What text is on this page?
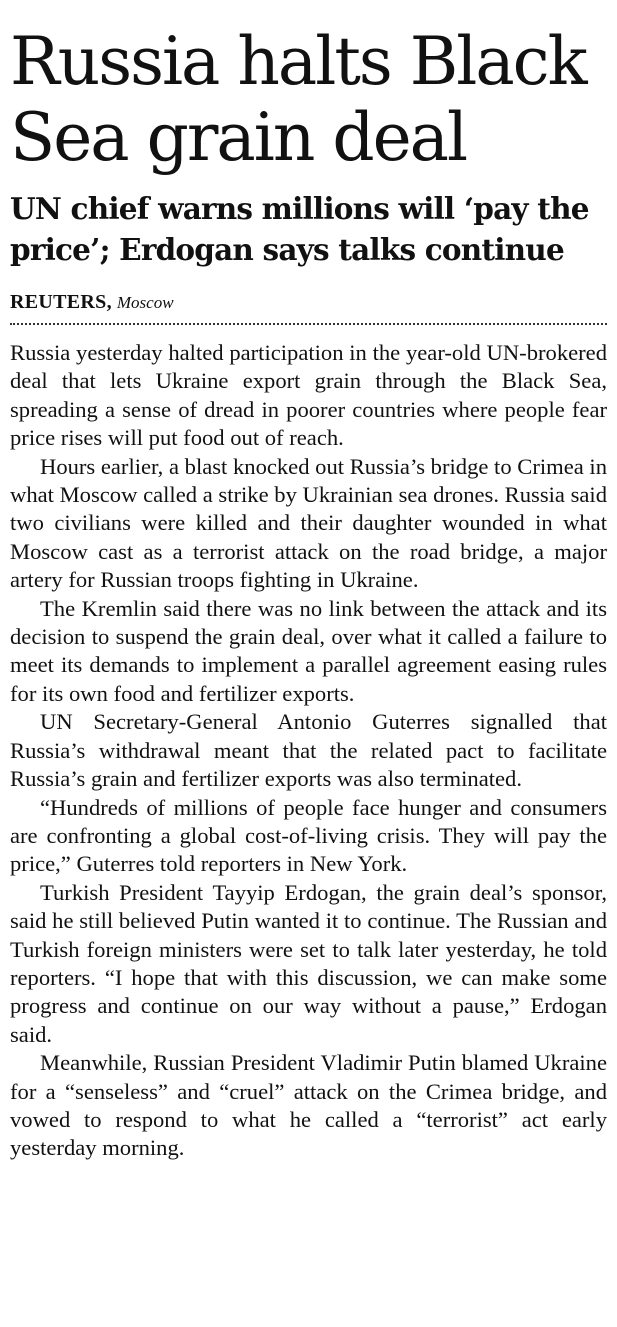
Russia halts Black Sea grain deal
UN chief warns millions will ‘pay the price’; Erdogan says talks continue
REUTERS, Moscow

Russia yesterday halted participation in the year-old UN-brokered deal that lets Ukraine export grain through the Black Sea, spreading a sense of dread in poorer countries where people fear price rises will put food out of reach.

Hours earlier, a blast knocked out Russia’s bridge to Crimea in what Moscow called a strike by Ukrainian sea drones. Russia said two civilians were killed and their daughter wounded in what Moscow cast as a terrorist attack on the road bridge, a major artery for Russian troops fighting in Ukraine.

The Kremlin said there was no link between the attack and its decision to suspend the grain deal, over what it called a failure to meet its demands to implement a parallel agreement easing rules for its own food and fertilizer exports.

UN Secretary-General Antonio Guterres signalled that Russia’s withdrawal meant that the related pact to facilitate Russia’s grain and fertilizer exports was also terminated.

“Hundreds of millions of people face hunger and consumers are confronting a global cost-of-living crisis. They will pay the price,” Guterres told reporters in New York.

Turkish President Tayyip Erdogan, the grain deal’s sponsor, said he still believed Putin wanted it to continue. The Russian and Turkish foreign ministers were set to talk later yesterday, he told reporters. “I hope that with this discussion, we can make some progress and continue on our way without a pause,” Erdogan said.

Meanwhile, Russian President Vladimir Putin blamed Ukraine for a “senseless” and “cruel” attack on the Crimea bridge, and vowed to respond to what he called a “terrorist” act early yesterday morning.
